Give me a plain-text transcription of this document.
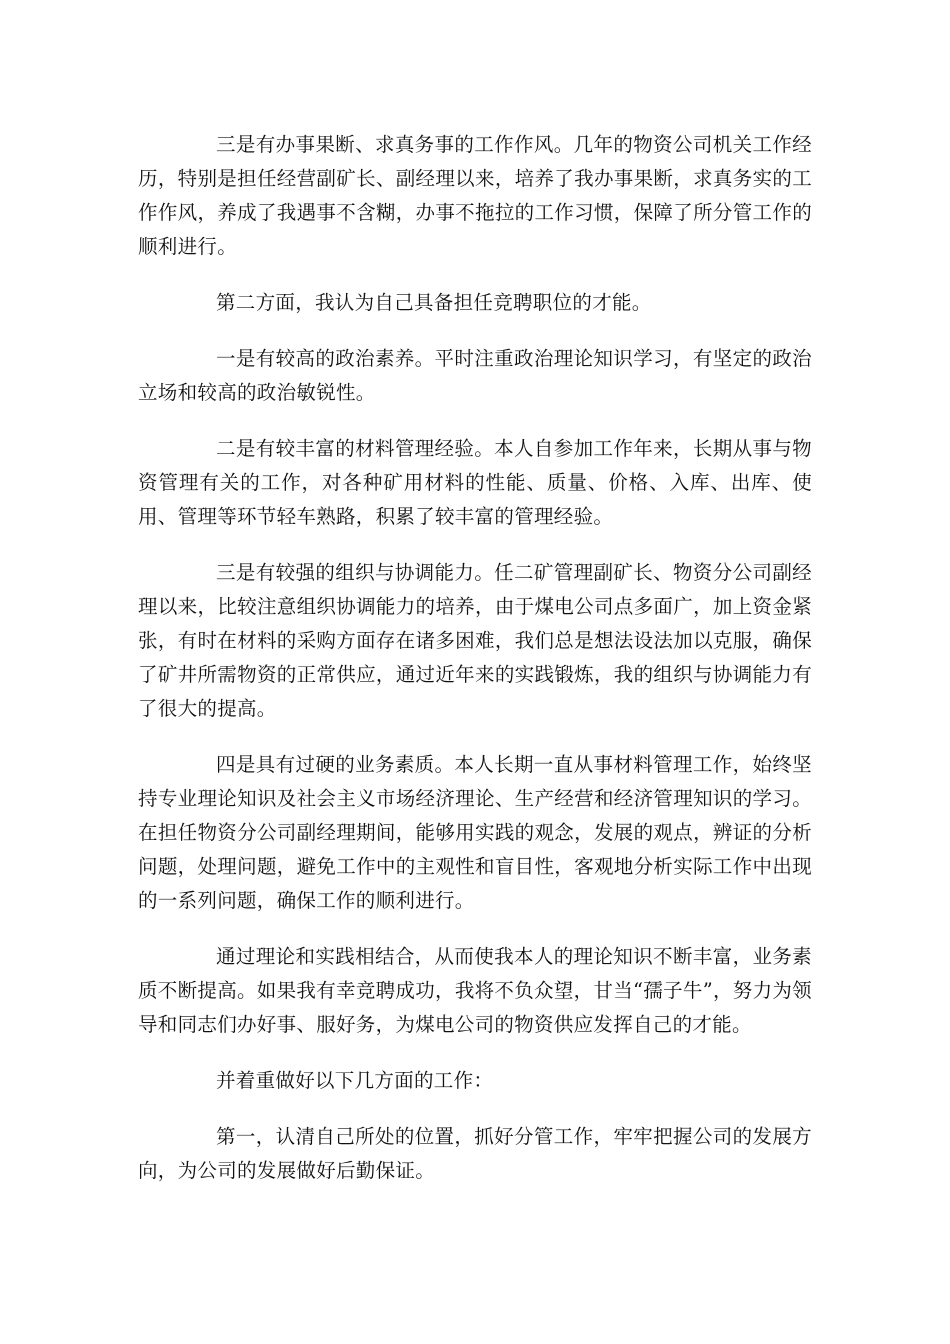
三是有办事果断、求真务事的工作作风。几年的物资公司机关工作经历，特别是担任经营副矿长、副经理以来，培养了我办事果断，求真务实的工作作风，养成了我遇事不含糊，办事不拖拉的工作习惯，保障了所分管工作的顺利进行。

第二方面，我认为自己具备担任竞聘职位的才能。

一是有较高的政治素养。平时注重政治理论知识学习，有坚定的政治立场和较高的政治敏锐性。

二是有较丰富的材料管理经验。本人自参加工作年来，长期从事与物资管理有关的工作，对各种矿用材料的性能、质量、价格、入库、出库、使用、管理等环节轻车熟路，积累了较丰富的管理经验。

三是有较强的组织与协调能力。任二矿管理副矿长、物资分公司副经理以来，比较注意组织协调能力的培养，由于煤电公司点多面广，加上资金紧张，有时在材料的采购方面存在诸多困难，我们总是想法设法加以克服，确保了矿井所需物资的正常供应，通过近年来的实践锻炼，我的组织与协调能力有了很大的提高。

四是具有过硬的业务素质。本人长期一直从事材料管理工作，始终坚持专业理论知识及社会主义市场经济理论、生产经营和经济管理知识的学习。在担任物资分公司副经理期间，能够用实践的观念，发展的观点，辨证的分析问题，处理问题，避免工作中的主观性和盲目性，客观地分析实际工作中出现的一系列问题，确保工作的顺利进行。

通过理论和实践相结合，从而使我本人的理论知识不断丰富，业务素质不断提高。如果我有幸竞聘成功，我将不负众望，甘当“孺子牛”，努力为领导和同志们办好事、服好务，为煤电公司的物资供应发挥自己的才能。

并着重做好以下几方面的工作：

第一，认清自己所处的位置，抓好分管工作，牢牢把握公司的发展方向，为公司的发展做好后勤保证。
